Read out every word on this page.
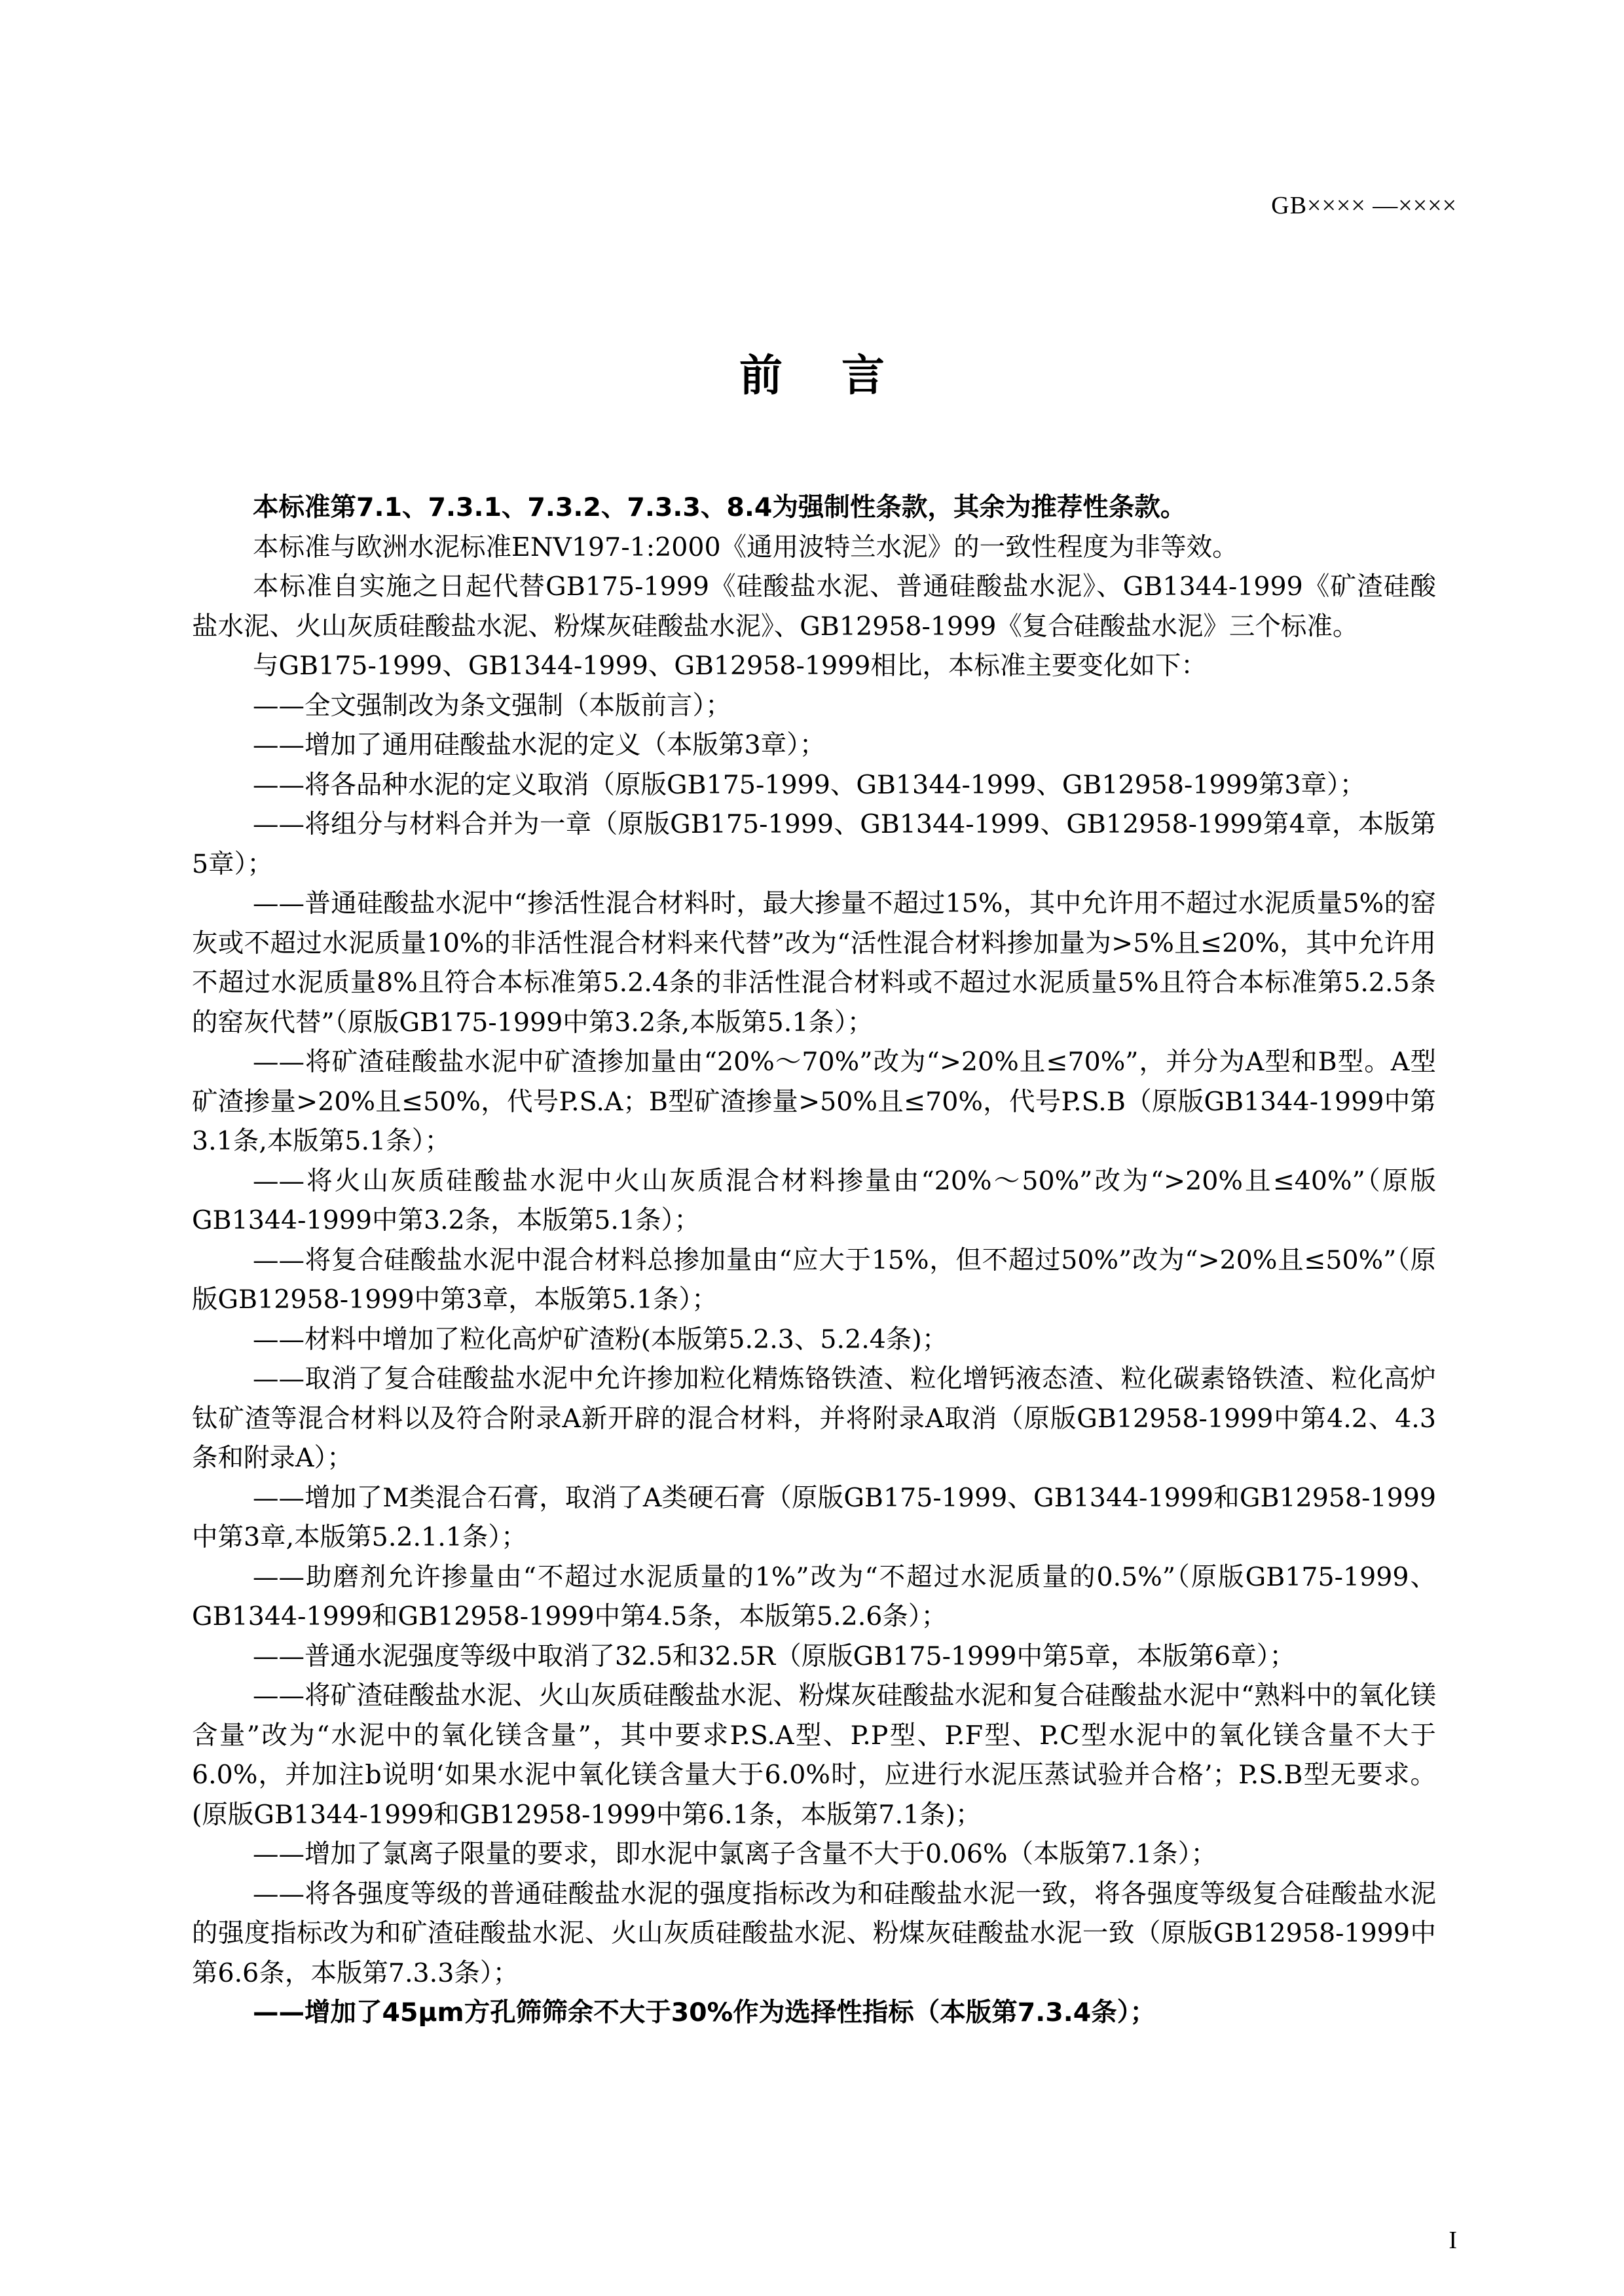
GB×××× —××××
前言

本标准第7.1、7.3.1、7.3.2、7.3.3、8.4为强制性条款，其余为推荐性条款。

本标准与欧洲水泥标准ENV197-1:2000《通用波特兰水泥》的一致性程度为非等效。

本标准自实施之日起代替GB175-1999《硅酸盐水泥、普通硅酸盐水泥》、GB1344-1999《矿渣硅酸盐水泥、火山灰质硅酸盐水泥、粉煤灰硅酸盐水泥》、GB12958-1999《复合硅酸盐水泥》三个标准。

与GB175-1999、GB1344-1999、GB12958-1999相比，本标准主要变化如下：

——全文强制改为条文强制（本版前言）；

——增加了通用硅酸盐水泥的定义（本版第3章）；

——将各品种水泥的定义取消（原版GB175-1999、GB1344-1999、GB12958-1999第3章）；

——将组分与材料合并为一章（原版GB175-1999、GB1344-1999、GB12958-1999第4章，本版第5章）；

——普通硅酸盐水泥中“掺活性混合材料时，最大掺量不超过15%，其中允许用不超过水泥质量5%的窑灰或不超过水泥质量10%的非活性混合材料来代替”改为“活性混合材料掺加量为>5%且≤20%，其中允许用不超过水泥质量8%且符合本标准第5.2.4条的非活性混合材料或不超过水泥质量5%且符合本标准第5.2.5条的窑灰代替”（原版GB175-1999中第3.2条,本版第5.1条）；

——将矿渣硅酸盐水泥中矿渣掺加量由“20%～70%”改为“>20%且≤70%”，并分为A型和B型。A型矿渣掺量>20%且≤50%，代号P.S.A；B型矿渣掺量>50%且≤70%，代号P.S.B（原版GB1344-1999中第3.1条,本版第5.1条）；

——将火山灰质硅酸盐水泥中火山灰质混合材料掺量由“20%～50%”改为“>20%且≤40%”（原版GB1344-1999中第3.2条，本版第5.1条）；

——将复合硅酸盐水泥中混合材料总掺加量由“应大于15%，但不超过50%”改为“>20%且≤50%”（原版GB12958-1999中第3章，本版第5.1条）；

——材料中增加了粒化高炉矿渣粉(本版第5.2.3、5.2.4条)；

——取消了复合硅酸盐水泥中允许掺加粒化精炼铬铁渣、粒化增钙液态渣、粒化碳素铬铁渣、粒化高炉钛矿渣等混合材料以及符合附录A新开辟的混合材料，并将附录A取消（原版GB12958-1999中第4.2、4.3条和附录A）；

——增加了M类混合石膏，取消了A类硬石膏（原版GB175-1999、GB1344-1999和GB12958-1999中第3章,本版第5.2.1.1条）；

——助磨剂允许掺量由“不超过水泥质量的1%”改为“不超过水泥质量的0.5%”（原版GB175-1999、GB1344-1999和GB12958-1999中第4.5条，本版第5.2.6条）；

——普通水泥强度等级中取消了32.5和32.5R（原版GB175-1999中第5章，本版第6章）；

——将矿渣硅酸盐水泥、火山灰质硅酸盐水泥、粉煤灰硅酸盐水泥和复合硅酸盐水泥中“熟料中的氧化镁含量”改为“水泥中的氧化镁含量”，其中要求P.S.A型、P.P型、P.F型、P.C型水泥中的氧化镁含量不大于6.0%，并加注b说明‘如果水泥中氧化镁含量大于6.0%时，应进行水泥压蒸试验并合格’；P.S.B型无要求。(原版GB1344-1999和GB12958-1999中第6.1条，本版第7.1条)；

——增加了氯离子限量的要求，即水泥中氯离子含量不大于0.06%（本版第7.1条）；

——将各强度等级的普通硅酸盐水泥的强度指标改为和硅酸盐水泥一致，将各强度等级复合硅酸盐水泥的强度指标改为和矿渣硅酸盐水泥、火山灰质硅酸盐水泥、粉煤灰硅酸盐水泥一致（原版GB12958-1999中第6.6条，本版第7.3.3条）；

——增加了45μm方孔筛筛余不大于30%作为选择性指标（本版第7.3.4条）；

I
